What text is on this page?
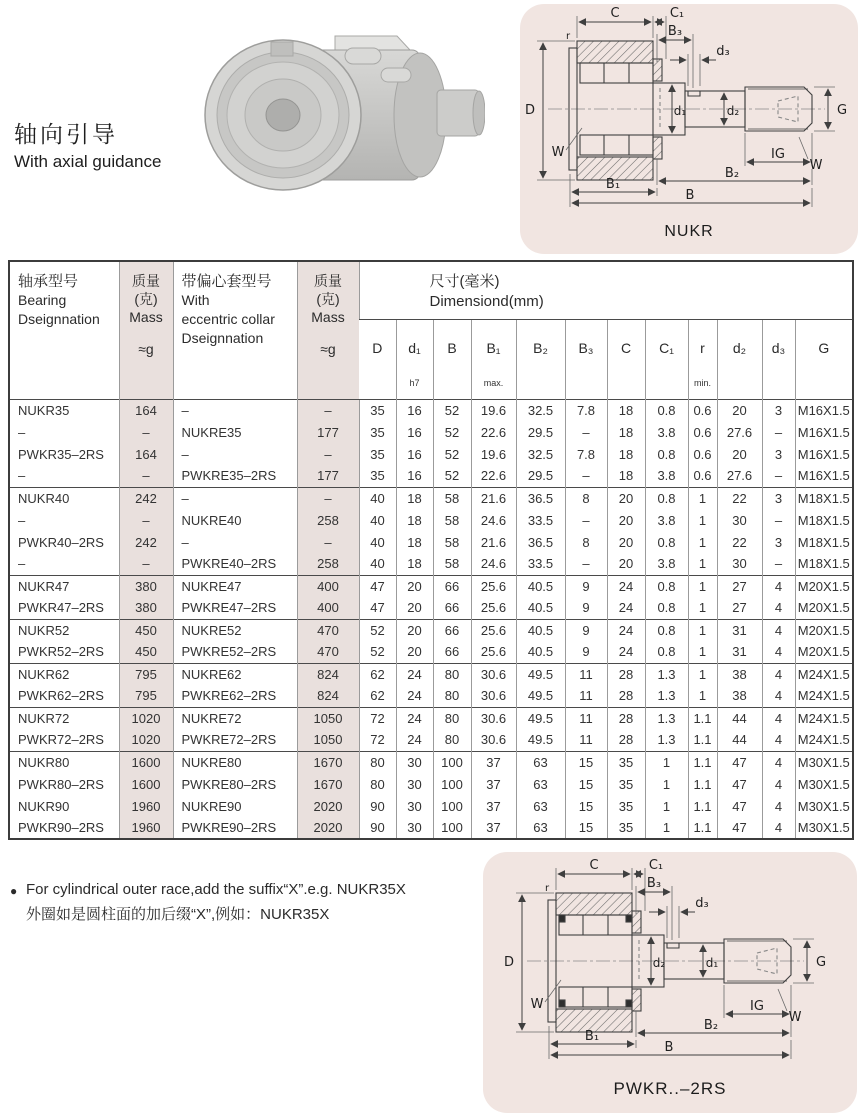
轴向引导
With axial guidance
C	C₁
B₃
d₃
r
D	d₁	d₂	G
W
W
IG
B₂
B₁
B
NUKR
轴承型号
Bearing
Dseignnation

质量
(克)
Mass
≈g

带偏心套型号
With
eccentric collar
Dseignnation

质量
(克)
Mass
≈g

尺寸(毫米)
Dimensiond(mm)

D	d₁
h7

B	B₁
max.

B₂	B₃	C	C₁	r
min.

d₂	d₃	G

NUKR35	164	–	–	35	16	52	19.6	32.5	7.8	18	0.8	0.6	20	3	M16X1.5
–	–	NUKRE35	177	35	16	52	22.6	29.5	–	18	3.8	0.6	27.6	–	M16X1.5
PWKR35–2RS	164	–	–	35	16	52	19.6	32.5	7.8	18	0.8	0.6	20	3	M16X1.5
–	–	PWKRE35–2RS	177	35	16	52	22.6	29.5	–	18	3.8	0.6	27.6	–	M16X1.5
NUKR40	242	–	–	40	18	58	21.6	36.5	8	20	0.8	1	22	3	M18X1.5
–	–	NUKRE40	258	40	18	58	24.6	33.5	–	20	3.8	1	30	–	M18X1.5
PWKR40–2RS	242	–	–	40	18	58	21.6	36.5	8	20	0.8	1	22	3	M18X1.5
–	–	PWKRE40–2RS	258	40	18	58	24.6	33.5	–	20	3.8	1	30	–	M18X1.5
NUKR47	380	NUKRE47	400	47	20	66	25.6	40.5	9	24	0.8	1	27	4	M20X1.5
PWKR47–2RS	380	PWKRE47–2RS	400	47	20	66	25.6	40.5	9	24	0.8	1	27	4	M20X1.5
NUKR52	450	NUKRE52	470	52	20	66	25.6	40.5	9	24	0.8	1	31	4	M20X1.5
PWKR52–2RS	450	PWKRE52–2RS	470	52	20	66	25.6	40.5	9	24	0.8	1	31	4	M20X1.5
NUKR62	795	NUKRE62	824	62	24	80	30.6	49.5	11	28	1.3	1	38	4	M24X1.5
PWKR62–2RS	795	PWKRE62–2RS	824	62	24	80	30.6	49.5	11	28	1.3	1	38	4	M24X1.5
NUKR72	1020	NUKRE72	1050	72	24	80	30.6	49.5	11	28	1.3	1.1	44	4	M24X1.5
PWKR72–2RS	1020	PWKRE72–2RS	1050	72	24	80	30.6	49.5	11	28	1.3	1.1	44	4	M24X1.5
NUKR80	1600	NUKRE80	1670	80	30	100	37	63	15	35	1	1.1	47	4	M30X1.5
PWKR80–2RS	1600	PWKRE80–2RS	1670	80	30	100	37	63	15	35	1	1.1	47	4	M30X1.5
NUKR90	1960	NUKRE90	2020	90	30	100	37	63	15	35	1	1.1	47	4	M30X1.5
PWKR90–2RS	1960	PWKRE90–2RS	2020	90	30	100	37	63	15	35	1	1.1	47	4	M30X1.5
● For cylindrical outer race,add the suffix“X”.e.g. NUKR35X
外圈如是圆柱面的加后缀“X”,例如：NUKR35X
C	C₁
B₃
d₃
r
D	d₂	d₁	G
W
W
IG
B₂
B₁
B
PWKR..–2RS
